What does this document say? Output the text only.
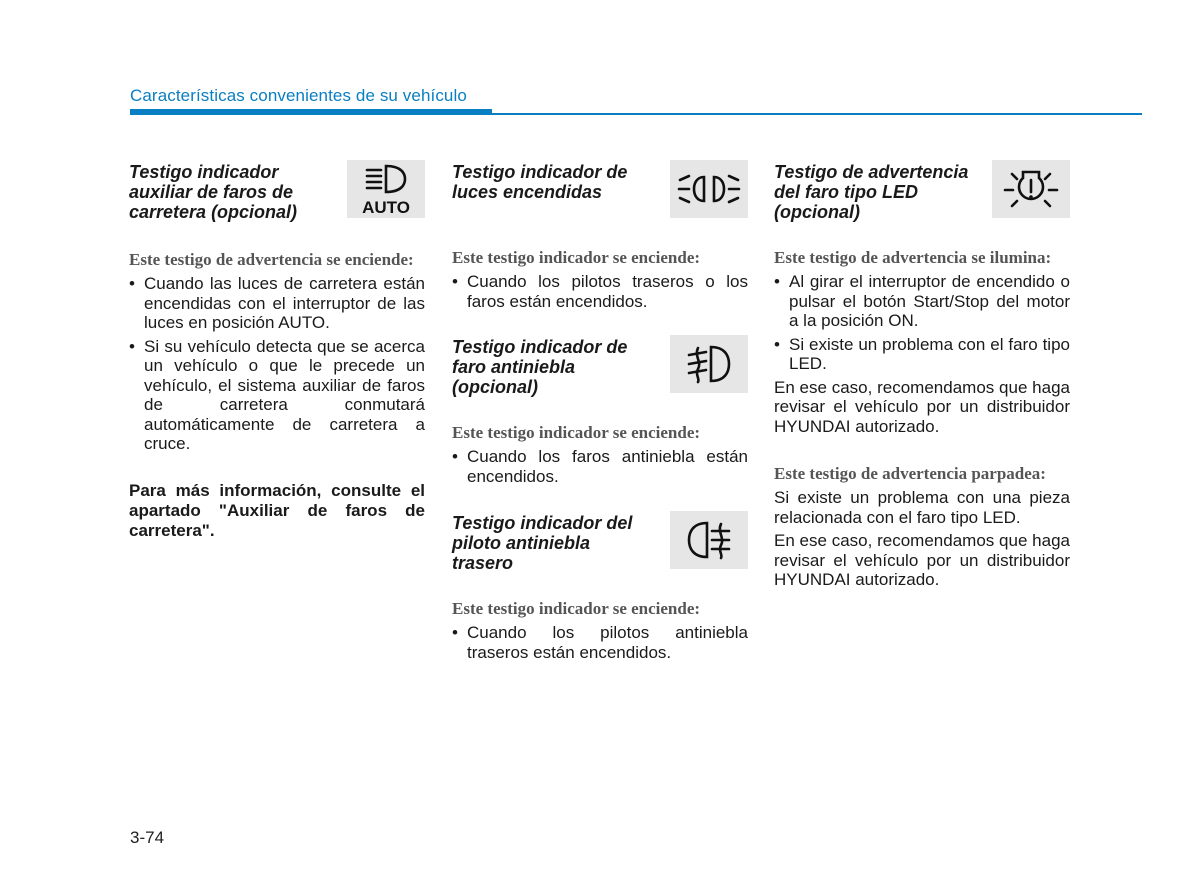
Características convenientes de su vehículo
Testigo indicador auxiliar de faros de carretera (opcional)	AUTO
Este testigo de advertencia se enciende:
• Cuando las luces de carretera están encendidas con el interruptor de las luces en posición AUTO.
• Si su vehículo detecta que se acerca un vehículo o que le precede un vehículo, el sistema auxiliar de faros de carretera conmutará automáticamente de carretera a cruce.
Para más información, consulte el apartado "Auxiliar de faros de carretera".
Testigo indicador de luces encendidas
Este testigo indicador se enciende:
• Cuando los pilotos traseros o los faros están encendidos.
Testigo indicador de faro antiniebla (opcional)
Este testigo indicador se enciende:
• Cuando los faros antiniebla están encendidos.
Testigo indicador del piloto antiniebla trasero
Este testigo indicador se enciende:
• Cuando los pilotos antiniebla traseros están encendidos.
Testigo de advertencia del faro tipo LED (opcional)
Este testigo de advertencia se ilumina:
• Al girar el interruptor de encendido o pulsar el botón Start/Stop del motor a la posición ON.
• Si existe un problema con el faro tipo LED.

En ese caso, recomendamos que haga revisar el vehículo por un distribuidor HYUNDAI autorizado.

Este testigo de advertencia parpadea:

Si existe un problema con una pieza relacionada con el faro tipo LED.

En ese caso, recomendamos que haga revisar el vehículo por un distribuidor HYUNDAI autorizado.

3-74
